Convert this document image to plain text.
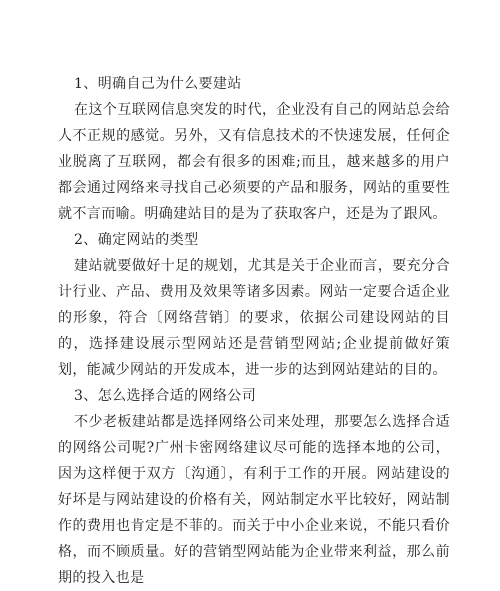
1、明确自己为什么要建站

在这个互联网信息突发的时代，企业没有自己的网站总会给人不正规的感觉。另外，又有信息技术的不快速发展，任何企业脱离了互联网，都会有很多的困难;而且，越来越多的用户都会通过网络来寻找自己必须要的产品和服务，网站的重要性就不言而喻。明确建站目的是为了获取客户，还是为了跟风。

2、确定网站的类型

建站就要做好十足的规划，尤其是关于企业而言，要充分合计行业、产品、费用及效果等诸多因素。网站一定要合适企业的形象，符合〔网络营销〕的要求，依据公司建设网站的目的，选择建设展示型网站还是营销型网站;企业提前做好策划，能减少网站的开发成本，进一步的达到网站建站的目的。

3、怎么选择合适的网络公司

不少老板建站都是选择网络公司来处理，那要怎么选择合适的网络公司呢?广州卡密网络建议尽可能的选择本地的公司，因为这样便于双方〔沟通〕，有利于工作的开展。网站建设的好坏是与网站建设的价格有关，网站制定水平比较好，网站制作的费用也肯定是不菲的。而关于中小企业来说，不能只看价格，而不顾质量。好的营销型网站能为企业带来利益，那么前期的投入也是
